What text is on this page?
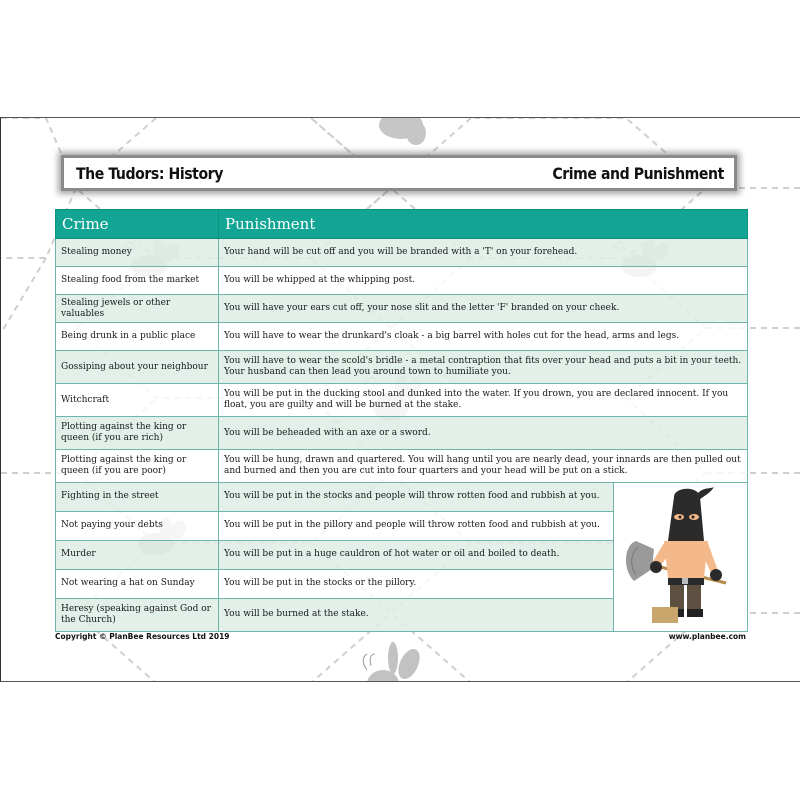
The Tudors: History	Crime and Punishment
Crime	Punishment	
Stealing money	Your hand will be cut off and you will be branded with a 'T' on your forehead.	
Stealing food from the market	You will be whipped at the whipping post.	
Stealing jewels or other valuables	You will have your ears cut off, your nose slit and the letter 'F' branded on your cheek.	
Being drunk in a public place	You will have to wear the drunkard's cloak - a big barrel with holes cut for the head, arms and legs.	
Gossiping about your neighbour	You will have to wear the scold's bridle - a metal contraption that fits over your head and puts a bit in your teeth. Your husband can then lead you around town to humiliate you.	
Witchcraft	You will be put in the ducking stool and dunked into the water. If you drown, you are declared innocent. If you float, you are guilty and will be burned at the stake.	
Plotting against the king or queen (if you are rich)	You will be beheaded with an axe or a sword.	
Plotting against the king or queen (if you are poor)	You will be hung, drawn and quartered. You will hang until you are nearly dead, your innards are then pulled out and burned and then you are cut into four quarters and your head will be put on a stick.	
Fighting in the street	You will be put in the stocks and people will throw rotten food and rubbish at you.	
Not paying your debts	You will be put in the pillory and people will throw rotten food and rubbish at you.	
Murder	You will be put in a huge cauldron of hot water or oil and boiled to death.	
Not wearing a hat on Sunday	You will be put in the stocks or the pillory.	
Heresy (speaking against God or the Church)	You will be burned at the stake.	
Copyright © PlanBee Resources Ltd 2019	www.planbee.com
